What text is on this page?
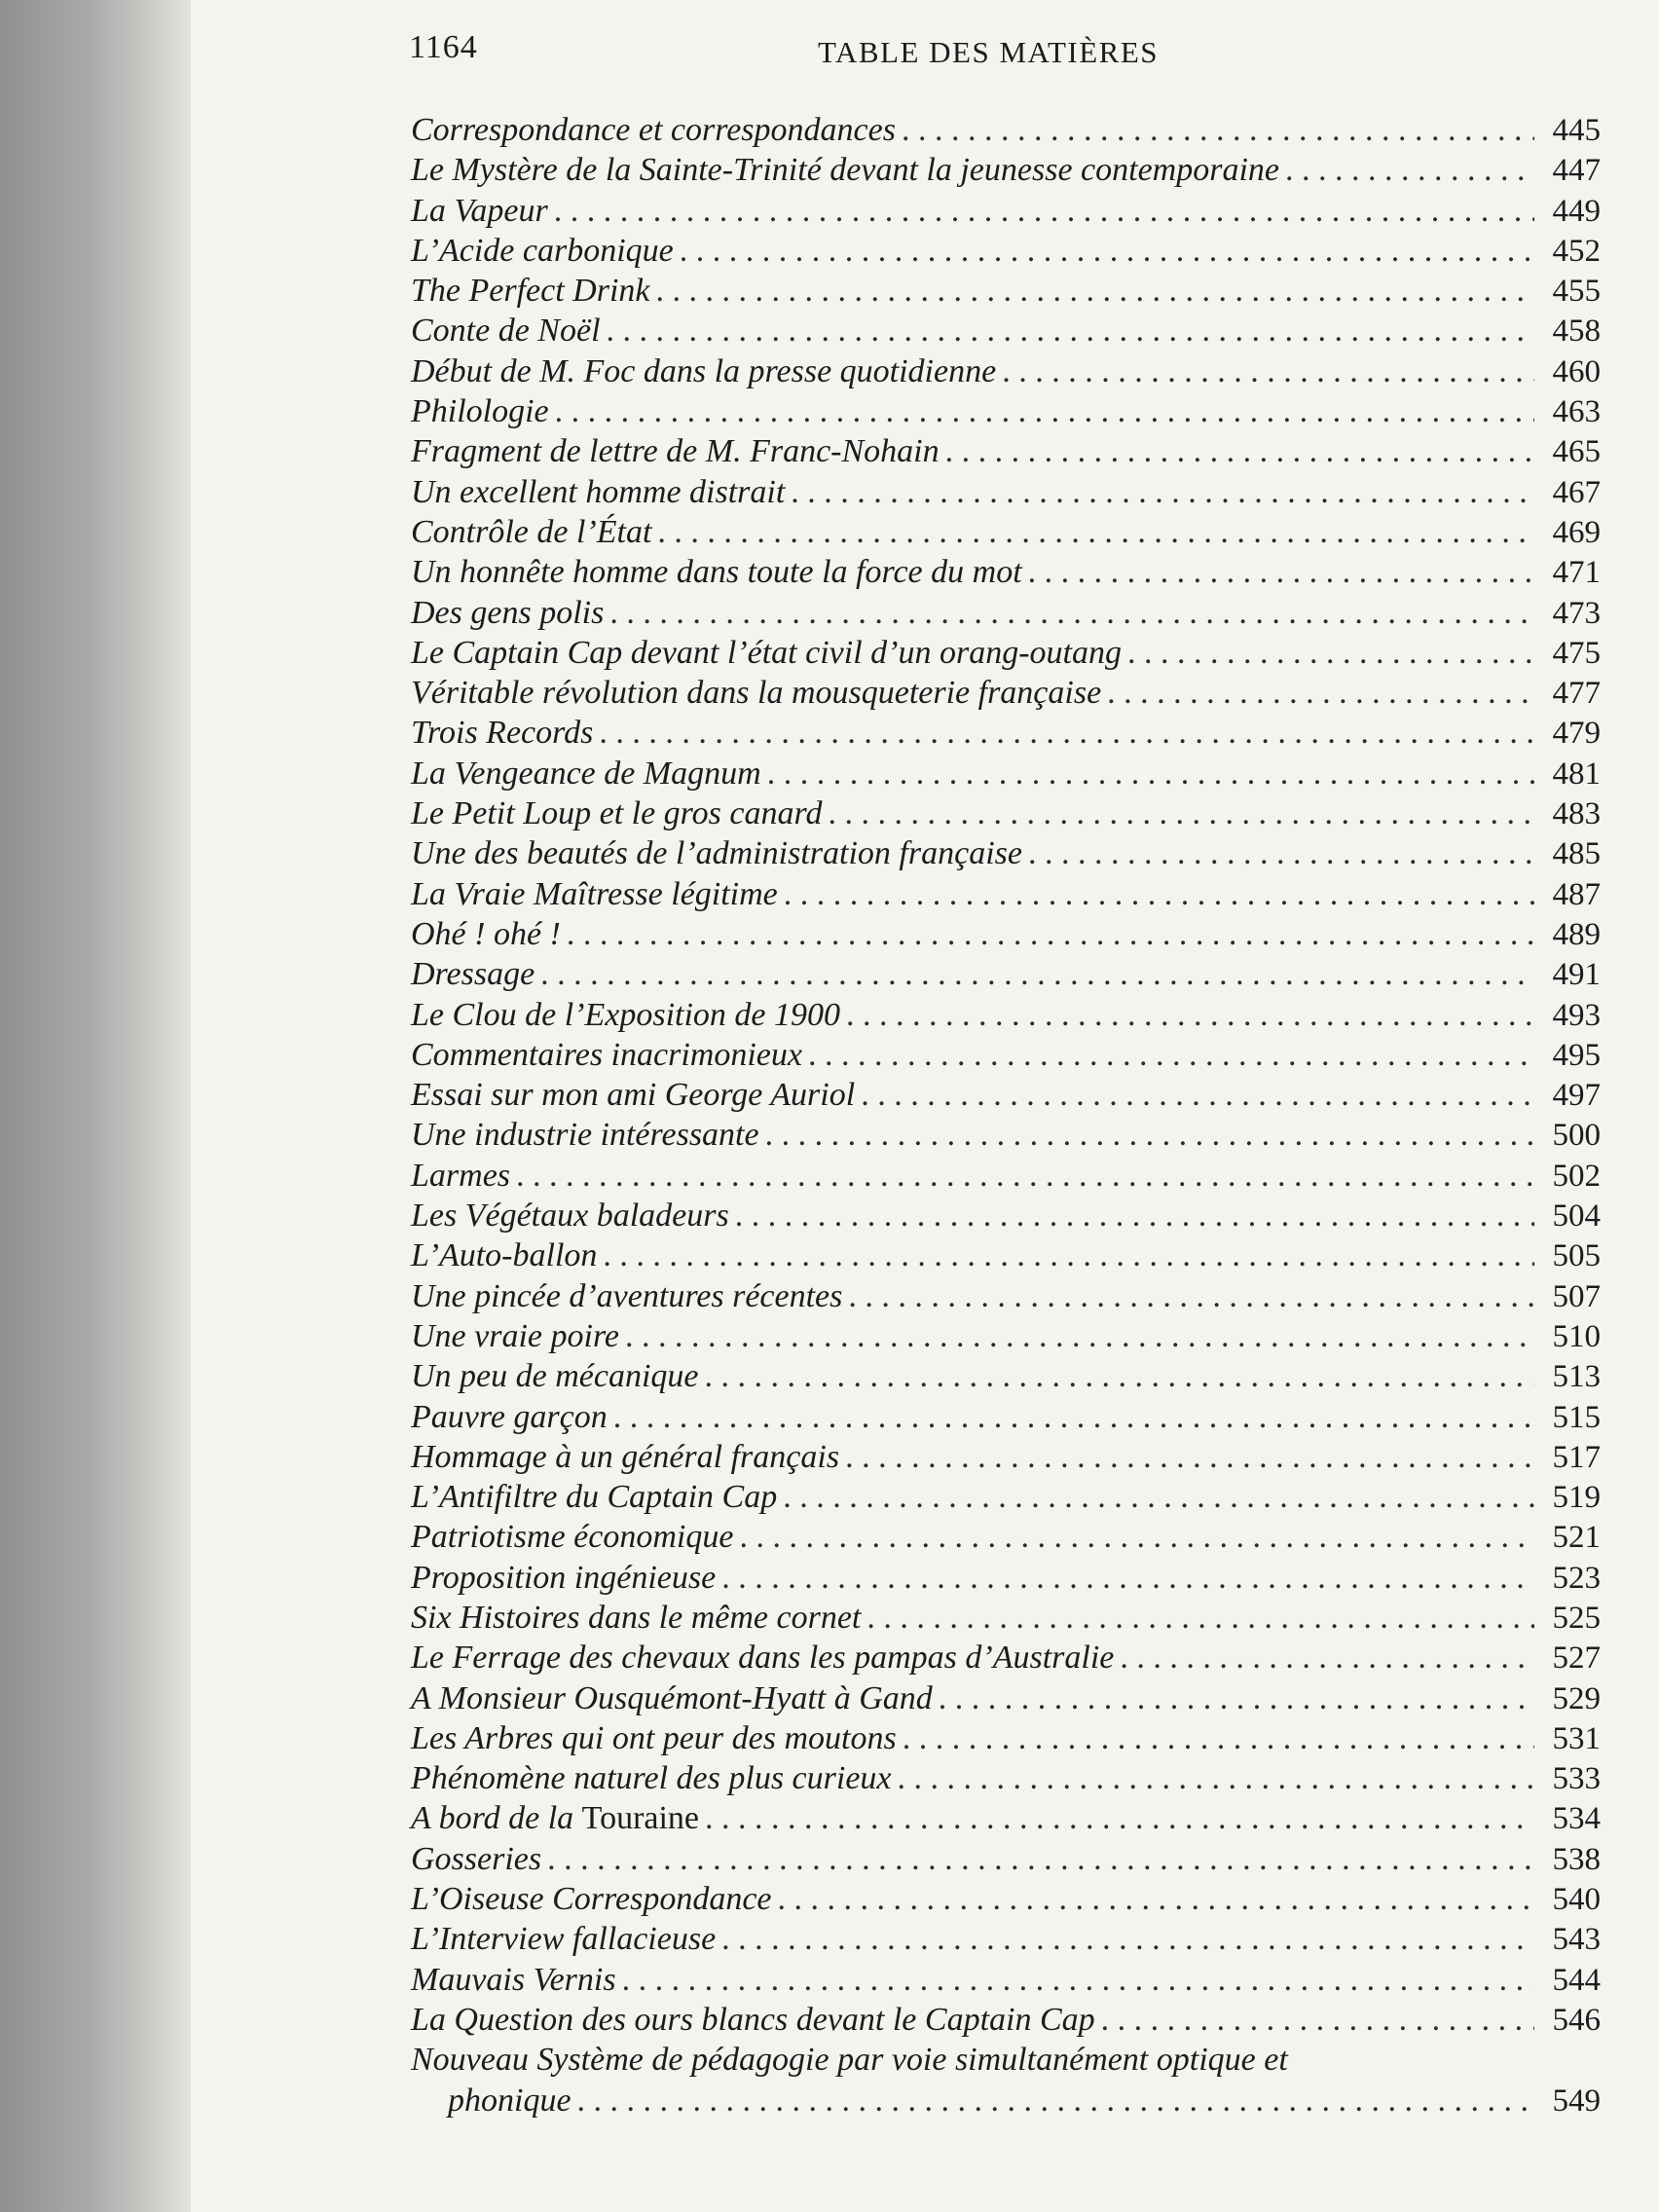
1164	TABLE DES MATIÈRES
Correspondance et correspondances . . .	445
Le Mystère de la Sainte-Trinité devant la jeunesse contemporaine . . .	447
La Vapeur . . .	449
L’Acide carbonique . . .	452
The Perfect Drink . . .	455
Conte de Noël . . .	458
Début de M. Foc dans la presse quotidienne . . .	460
Philologie . . .	463
Fragment de lettre de M. Franc-Nohain . . .	465
Un excellent homme distrait . . .	467
Contrôle de l’État . . .	469
Un honnête homme dans toute la force du mot . . .	471
Des gens polis . . .	473
Le Captain Cap devant l’état civil d’un orang-outang . . .	475
Véritable révolution dans la mousqueterie française . . .	477
Trois Records . . .	479
La Vengeance de Magnum . . .	481
Le Petit Loup et le gros canard . . .	483
Une des beautés de l’administration française . . .	485
La Vraie Maîtresse légitime . . .	487
Ohé ! ohé ! . . .	489
Dressage . . .	491
Le Clou de l’Exposition de 1900 . . .	493
Commentaires inacrimonieux . . .	495
Essai sur mon ami George Auriol . . .	497
Une industrie intéressante . . .	500
Larmes . . .	502
Les Végétaux baladeurs . . .	504
L’Auto-ballon . . .	505
Une pincée d’aventures récentes . . .	507
Une vraie poire . . .	510
Un peu de mécanique . . .	513
Pauvre garçon . . .	515
Hommage à un général français . . .	517
L’Antifiltre du Captain Cap . . .	519
Patriotisme économique . . .	521
Proposition ingénieuse . . .	523
Six Histoires dans le même cornet . . .	525
Le Ferrage des chevaux dans les pampas d’Australie . . .	527
A Monsieur Ousquémont-Hyatt à Gand . . .	529
Les Arbres qui ont peur des moutons . . .	531
Phénomène naturel des plus curieux . . .	533
A bord de la Touraine . . .	534
Gosseries . . .	538
L’Oiseuse Correspondance . . .	540
L’Interview fallacieuse . . .	543
Mauvais Vernis . . .	544
La Question des ours blancs devant le Captain Cap . . .	546
Nouveau Système de pédagogie par voie simultanément optique et
phonique . . .	549
